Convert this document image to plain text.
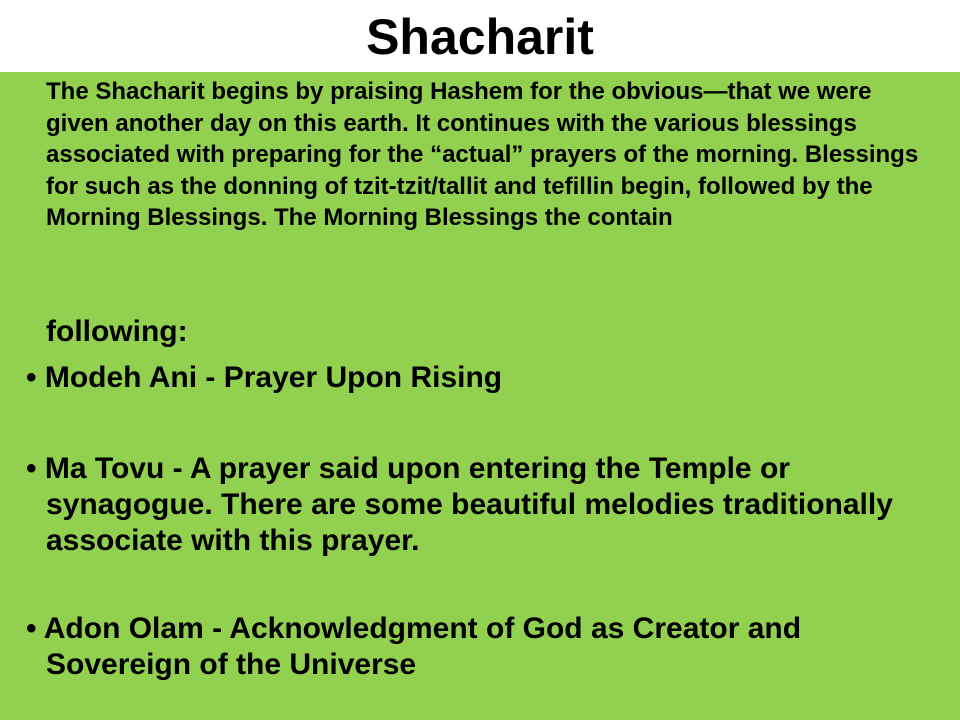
Shacharit

The Shacharit begins by praising Hashem for the obvious—that we were given another day on this earth. It continues with the various blessings associated with preparing for the “actual” prayers of the morning. Blessings for such as the donning of tzit-tzit/tallit and tefillin begin, followed by the Morning Blessings. The Morning Blessings the contain

following:

• Modeh Ani - Prayer Upon Rising
• Ma Tovu - A prayer said upon entering the Temple or synagogue. There are some beautiful melodies traditionally associate with this prayer.
• Adon Olam - Acknowledgment of God as Creator and Sovereign of the Universe
